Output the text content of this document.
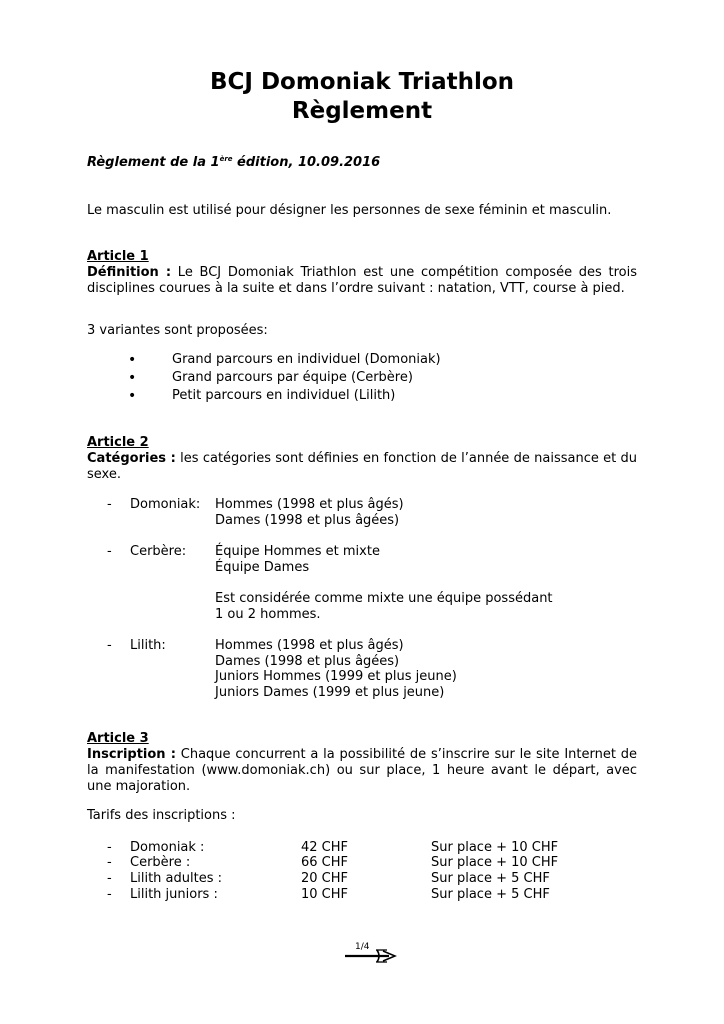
BCJ Domoniak Triathlon
Règlement
Règlement de la 1ère édition, 10.09.2016
Le masculin est utilisé pour désigner les personnes de sexe féminin et masculin.
Article 1
Définition : Le BCJ Domoniak Triathlon est une compétition composée des trois disciplines courues à la suite et dans l’ordre suivant : natation, VTT, course à pied.
3 variantes sont proposées:
•	Grand parcours en individuel (Domoniak)
•	Grand parcours par équipe (Cerbère)
•	Petit parcours en individuel (Lilith)
Article 2
Catégories : les catégories sont définies en fonction de l’année de naissance et du sexe.
- Domoniak: Hommes (1998 et plus âgés)
Dames (1998 et plus âgées)
- Cerbère: Équipe Hommes et mixte
Équipe Dames
Est considérée comme mixte une équipe possédant
1 ou 2 hommes.
- Lilith:	Hommes (1998 et plus âgés)
Dames (1998 et plus âgées)
Juniors Hommes (1999 et plus jeune)
Juniors Dames (1999 et plus jeune)
Article 3
Inscription : Chaque concurrent a la possibilité de s’inscrire sur le site Internet de la manifestation (www.domoniak.ch) ou sur place, 1 heure avant le départ, avec une majoration.
Tarifs des inscriptions :
- Domoniak :	42 CHF	Sur place + 10 CHF
- Cerbère :	66 CHF	Sur place + 10 CHF
- Lilith adultes :	20 CHF	Sur place + 5 CHF
- Lilith juniors :	10 CHF	Sur place + 5 CHF
1/4
